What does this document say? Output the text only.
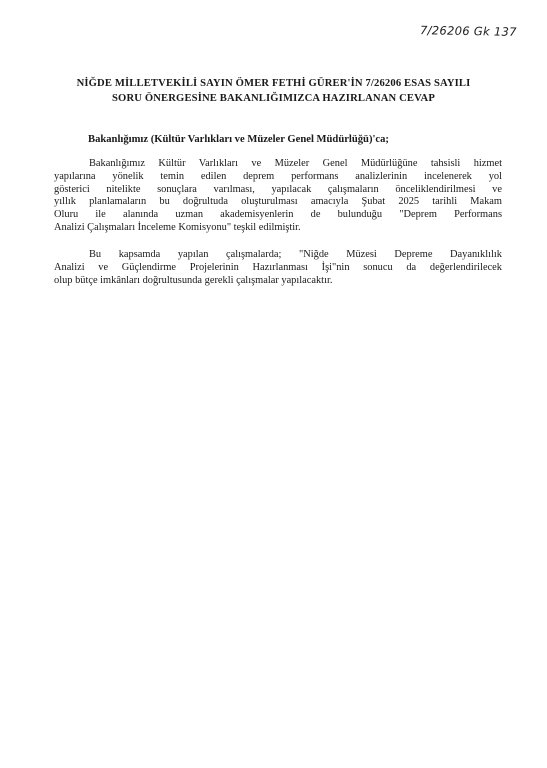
7/26206 Gk 137
NİĞDE MİLLETVEKİLİ SAYIN ÖMER FETHİ GÜRER'İN 7/26206 ESAS SAYILI
SORU ÖNERGESİNE BAKANLIĞIMIZCA HAZIRLANAN CEVAP
Bakanlığımız (Kültür Varlıkları ve Müzeler Genel Müdürlüğü)'ca;
Bakanlığımız Kültür Varlıkları ve Müzeler Genel Müdürlüğüne tahsisli hizmet
yapılarına yönelik temin edilen deprem performans analizlerinin incelenerek yol
gösterici nitelikte sonuçlara varılması, yapılacak çalışmaların önceliklendirilmesi ve
yıllık planlamaların bu doğrultuda oluşturulması amacıyla Şubat 2025 tarihli Makam
Oluru ile alanında uzman akademisyenlerin de bulunduğu "Deprem Performans
Analizi Çalışmaları İnceleme Komisyonu" teşkil edilmiştir.
Bu kapsamda yapılan çalışmalarda; "Niğde Müzesi Depreme Dayanıklılık
Analizi ve Güçlendirme Projelerinin Hazırlanması İşi"nin sonucu da değerlendirilecek
olup bütçe imkânları doğrultusunda gerekli çalışmalar yapılacaktır.
